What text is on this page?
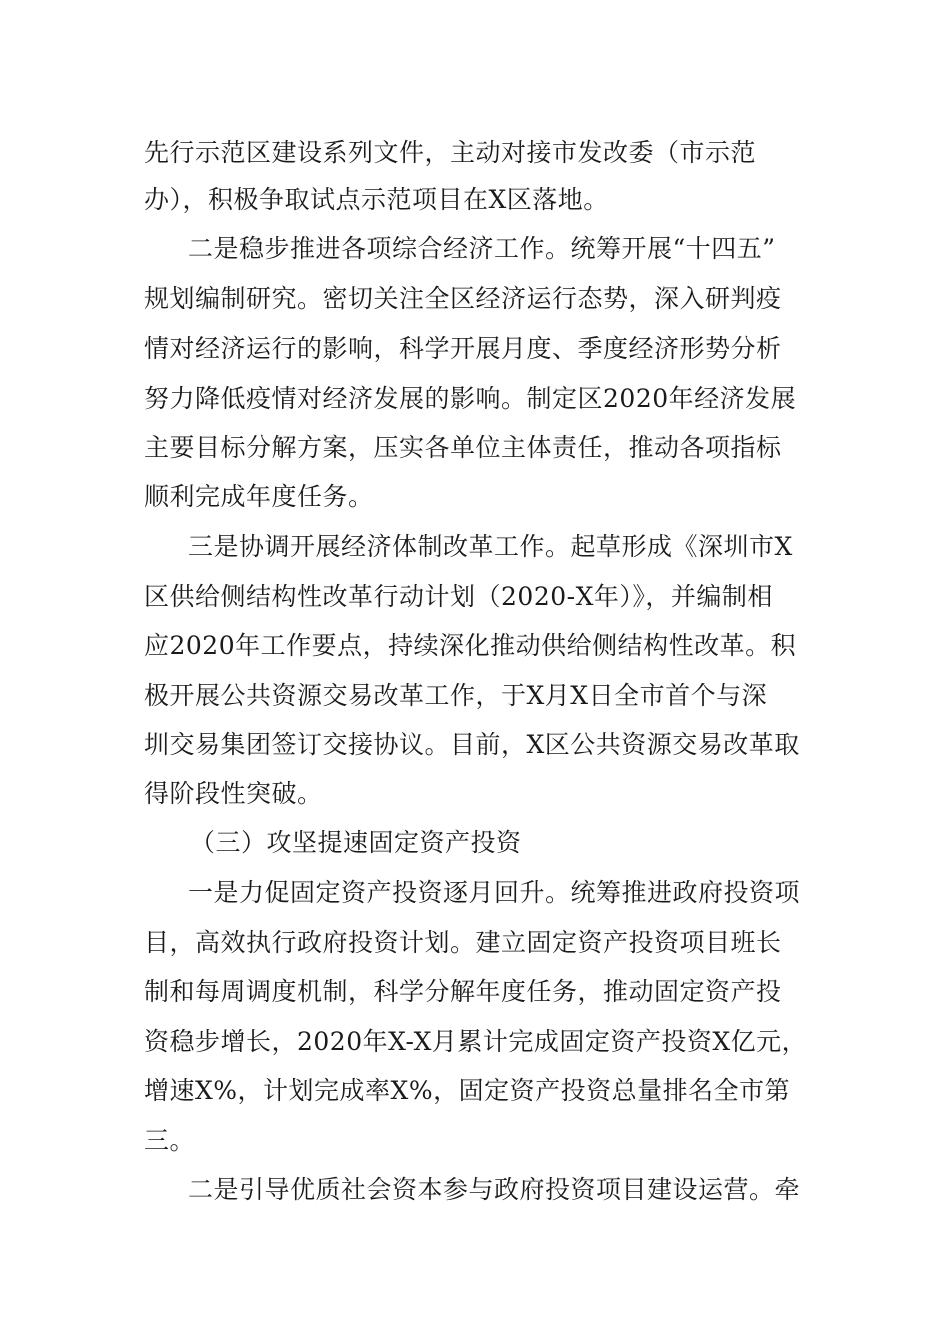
先行示范区建设系列文件，主动对接市发改委（市示范
办），积极争取试点示范项目在X区落地。
二是稳步推进各项综合经济工作。统筹开展“十四五”
规划编制研究。密切关注全区经济运行态势，深入研判疫
情对经济运行的影响，科学开展月度、季度经济形势分析
努力降低疫情对经济发展的影响。制定区2020年经济发展
主要目标分解方案，压实各单位主体责任，推动各项指标
顺利完成年度任务。
三是协调开展经济体制改革工作。起草形成《深圳市X
区供给侧结构性改革行动计划（2020-X年）》，并编制相
应2020年工作要点，持续深化推动供给侧结构性改革。积
极开展公共资源交易改革工作，于X月X日全市首个与深
圳交易集团签订交接协议。目前，X区公共资源交易改革取
得阶段性突破。
（三）攻坚提速固定资产投资
一是力促固定资产投资逐月回升。统筹推进政府投资项
目，高效执行政府投资计划。建立固定资产投资项目班长
制和每周调度机制，科学分解年度任务，推动固定资产投
资稳步增长，2020年X-X月累计完成固定资产投资X亿元，
增速X%，计划完成率X%，固定资产投资总量排名全市第
三。
二是引导优质社会资本参与政府投资项目建设运营。牵
